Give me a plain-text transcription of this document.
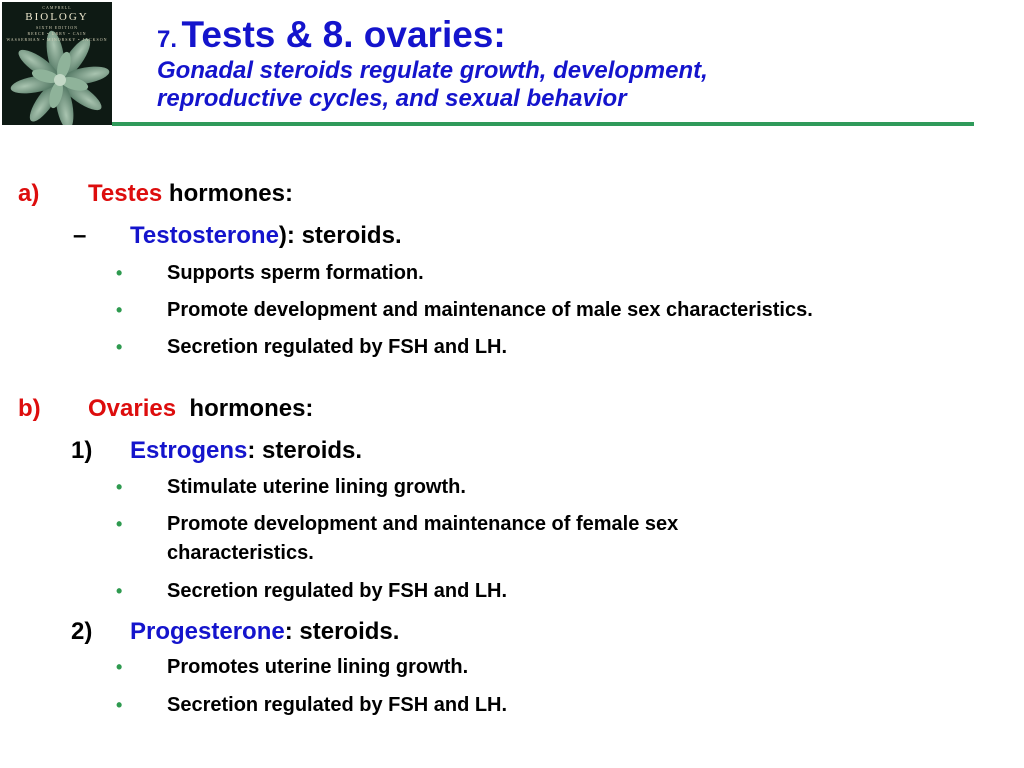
CAMPBELL
BIOLOGY
SIXTH EDITION
REECE • URRY • CAIN
WASSERMAN • MINORSKY • JACKSON 7. Tests & 8. ovaries:
Gonadal steroids regulate growth, development,
reproductive cycles, and sexual behavior
a) Testes hormones:
– Testosterone): steroids.
• Supports sperm formation.
• Promote development and maintenance of male sex characteristics.
• Secretion regulated by FSH and LH.
b) Ovaries  hormones:
1) Estrogens: steroids.
• Stimulate uterine lining growth.
• Promote development and maintenance of female sex
characteristics.
• Secretion regulated by FSH and LH.
2) Progesterone: steroids.
• Promotes uterine lining growth.
• Secretion regulated by FSH and LH.
